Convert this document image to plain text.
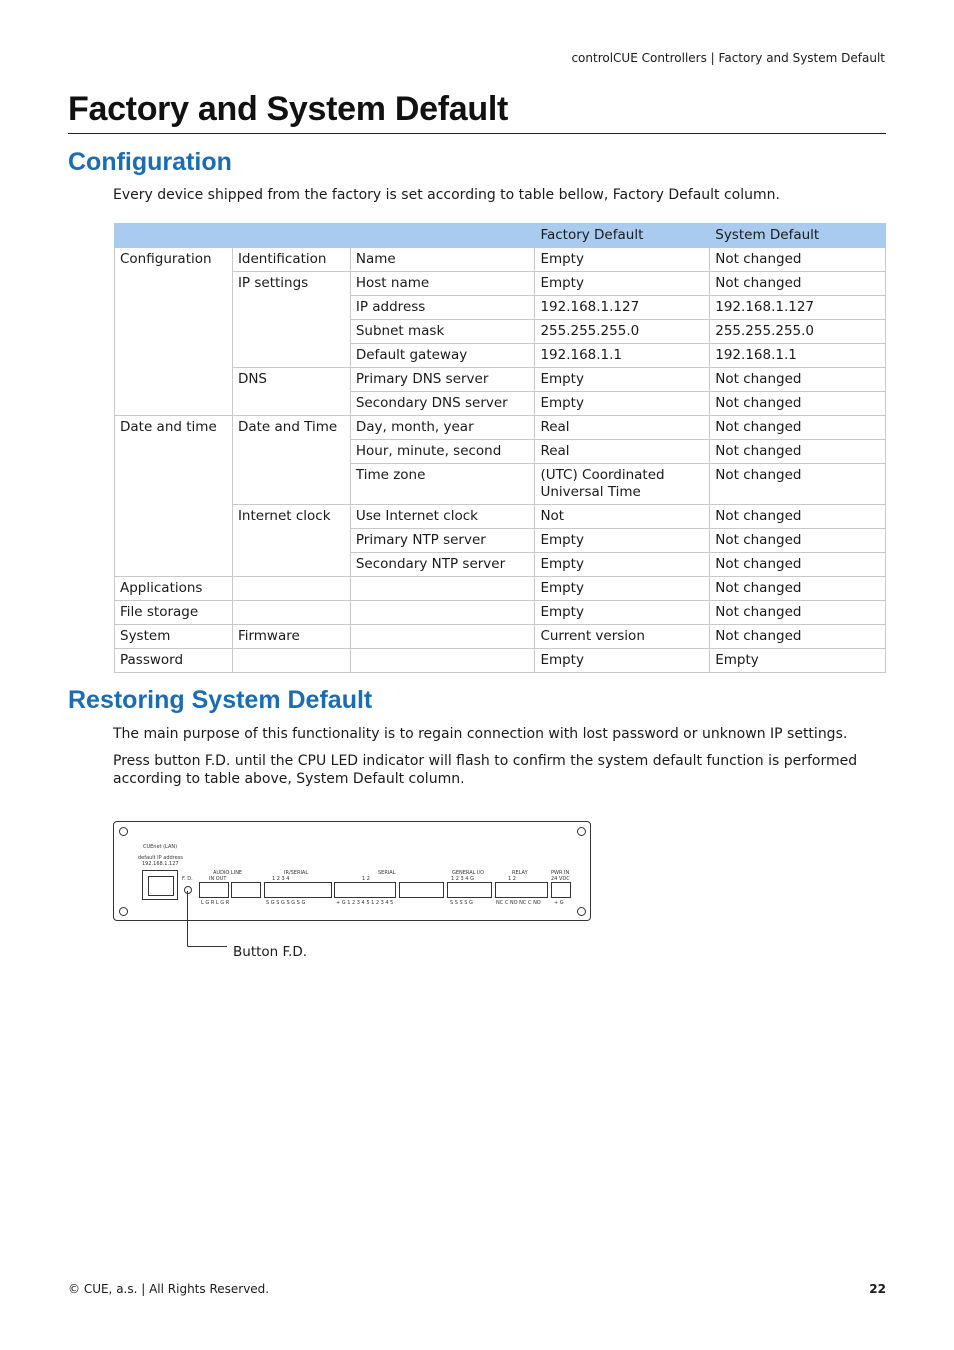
controlCUE Controllers | Factory and System Default
Factory and System Default
Configuration

Every device shipped from the factory is set according to table bellow, Factory Default column.

			Factory Default	System Default
Configuration	Identification	Name	Empty	Not changed
	IP settings	Host name	Empty	Not changed
		IP address	192.168.1.127	192.168.1.127
		Subnet mask	255.255.255.0	255.255.255.0
		Default gateway	192.168.1.1	192.168.1.1
	DNS	Primary DNS server	Empty	Not changed
		Secondary DNS server	Empty	Not changed
Date and time	Date and Time	Day, month, year	Real	Not changed
		Hour, minute, second	Real	Not changed
		Time zone	(UTC) Coordinated Universal Time	Not changed
	Internet clock	Use Internet clock	Not	Not changed
		Primary NTP server	Empty	Not changed
		Secondary NTP server	Empty	Not changed
Applications			Empty	Not changed
File storage			Empty	Not changed
System	Firmware		Current version	Not changed
Password			Empty	Empty
Restoring System Default

The main purpose of this functionality is to regain connection with lost password or unknown IP settings.

Press button F.D. until the CPU LED indicator will flash to confirm the system default function is performed according to table above, System Default column.

CUEnet (LAN)
default IP address
192.168.1.127
F. D.
AUDIO LINE
IN OUT
L G R L G R
IR/SERIAL
1 2 3 4
S G S G S G S G
SERIAL
1 2
+ G 1 2 3 4 5 1 2 3 4 5
GENERAL I/O
1 2 3 4 G
S S S S G
RELAY
1 2
NC C NO NC C NO
PWR IN
24 VDC
+ G
Button F.D.
© CUE, a.s. | All Rights Reserved.	22
